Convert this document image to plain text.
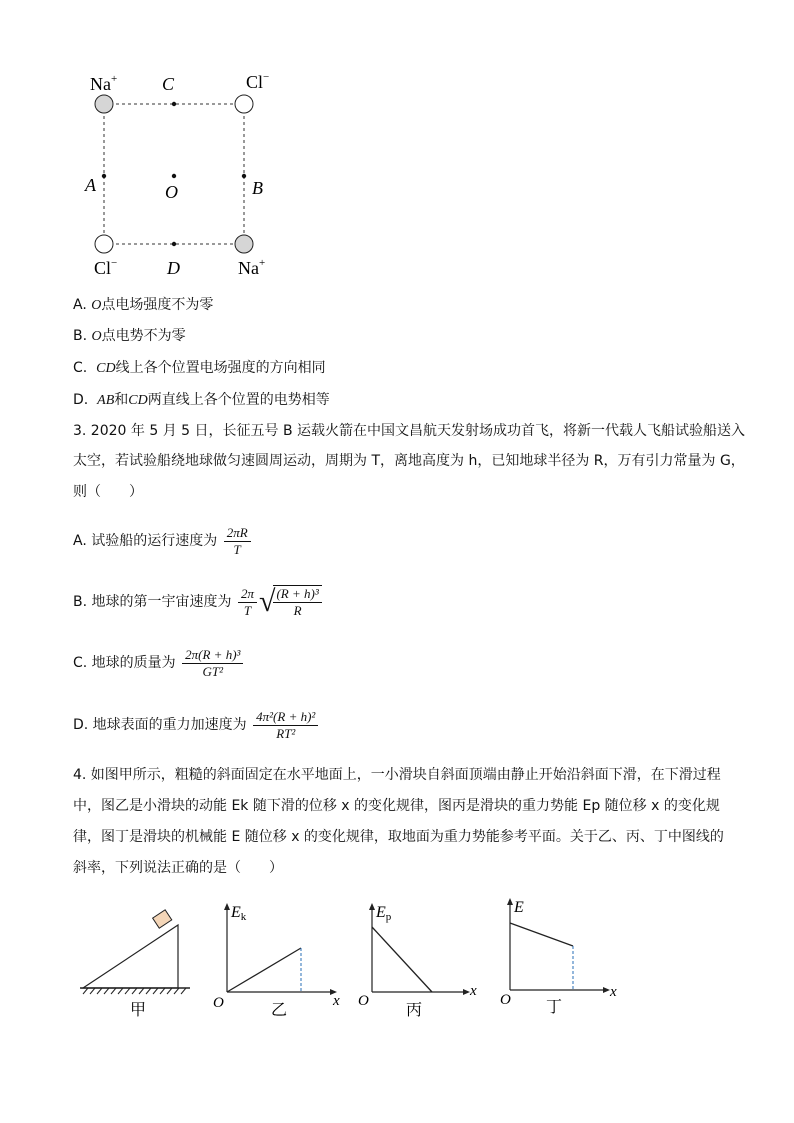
Na+	Cl−
Cl−	Na+
C
D
A	B
O
A. O点电场强度不为零
B. O点电势不为零
C. CD线上各个位置电场强度的方向相同
D. AB和CD两直线上各个位置的电势相等
3. 2020 年 5 月 5 日，长征五号 B 运载火箭在中国文昌航天发射场成功首飞，将新一代载人飞船试验船送入
太空，若试验船绕地球做匀速圆周运动，周期为 T，离地高度为 h，已知地球半径为 R，万有引力常量为 G，
则（　　）
A. 试验船的运行速度为 $\frac{2\pi R}{T}$
B. 地球的第一宇宙速度为 $\frac{2\pi}{T}$ √
$\frac{\text{(R + h)³}}{R}$
C. 地球的质量为 $\frac{\text{2π(R + h)³}}{\text{GT²}}$
D. 地球表面的重力加速度为 $\frac{\text{4π²(R + h)²}}{\text{RT²}}$
4. 如图甲所示，粗糙的斜面固定在水平地面上，一小滑块自斜面顶端由静止开始沿斜面下滑，在下滑过程
中，图乙是小滑块的动能 Ek 随下滑的位移 x 的变化规律，图丙是滑块的重力势能 Ep 随位移 x 的变化规
律，图丁是滑块的机械能 E 随位移 x 的变化规律，取地面为重力势能参考平面。关于乙、丙、丁中图线的
斜率，下列说法正确的是（　　）
甲
Ek
O	x
乙
Ep
O
x
丙
E
O	x
丁
